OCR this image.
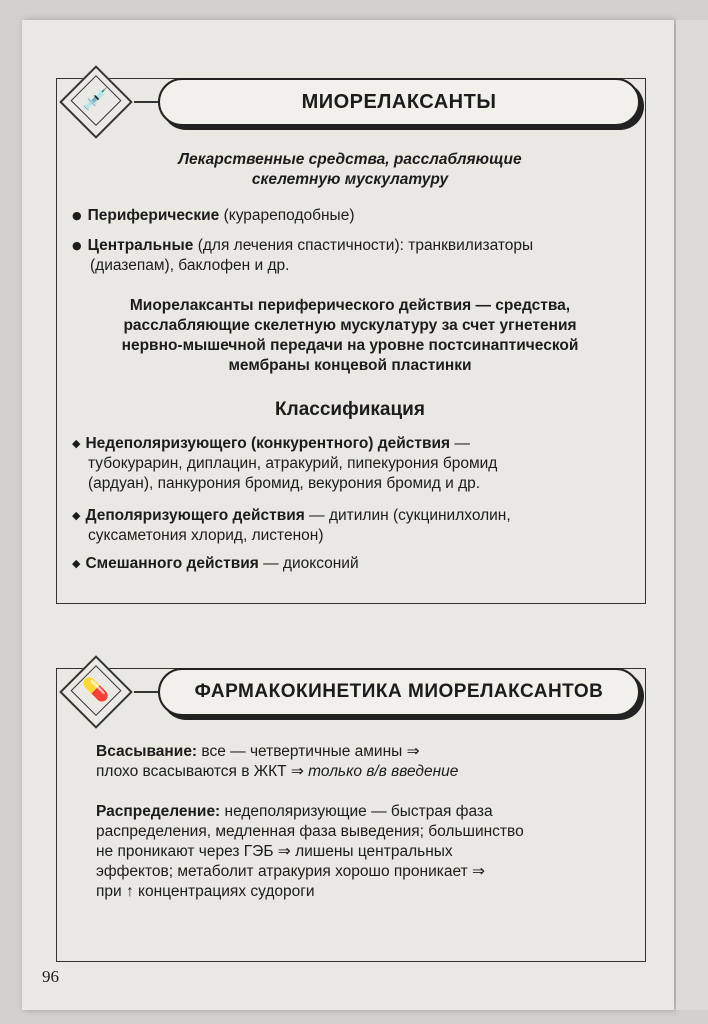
💉	МИОРЕЛАКСАНТЫ
Лекарственные средства, расслабляющие
скелетную мускулатуру
● Периферические (курареподобные)
● Центральные (для лечения спастичности): транквилизаторы
(диазепам), баклофен и др.
Миорелаксанты периферического действия — средства,
расслабляющие скелетную мускулатуру за счет угнетения
нервно-мышечной передачи на уровне постсинаптической
мембраны концевой пластинки
Классификация
◆ Недеполяризующего (конкурентного) действия —
тубокурарин, диплацин, атракурий, пипекурония бромид
(ардуан), панкурония бромид, векурония бромид и др.
◆ Деполяризующего действия — дитилин (сукцинилхолин,
суксаметония хлорид, листенон)
◆ Смешанного действия — диоксоний
💊	ФАРМАКОКИНЕТИКА МИОРЕЛАКСАНТОВ
Всасывание: все — четвертичные амины ⇒
плохо всасываются в ЖКТ ⇒ только в/в введение
Распределение: недеполяризующие — быстрая фаза
распределения, медленная фаза выведения; большинство
не проникают через ГЭБ ⇒ лишены центральных
эффектов; метаболит атракурия хорошо проникает ⇒
при ↑ концентрациях судороги
96
